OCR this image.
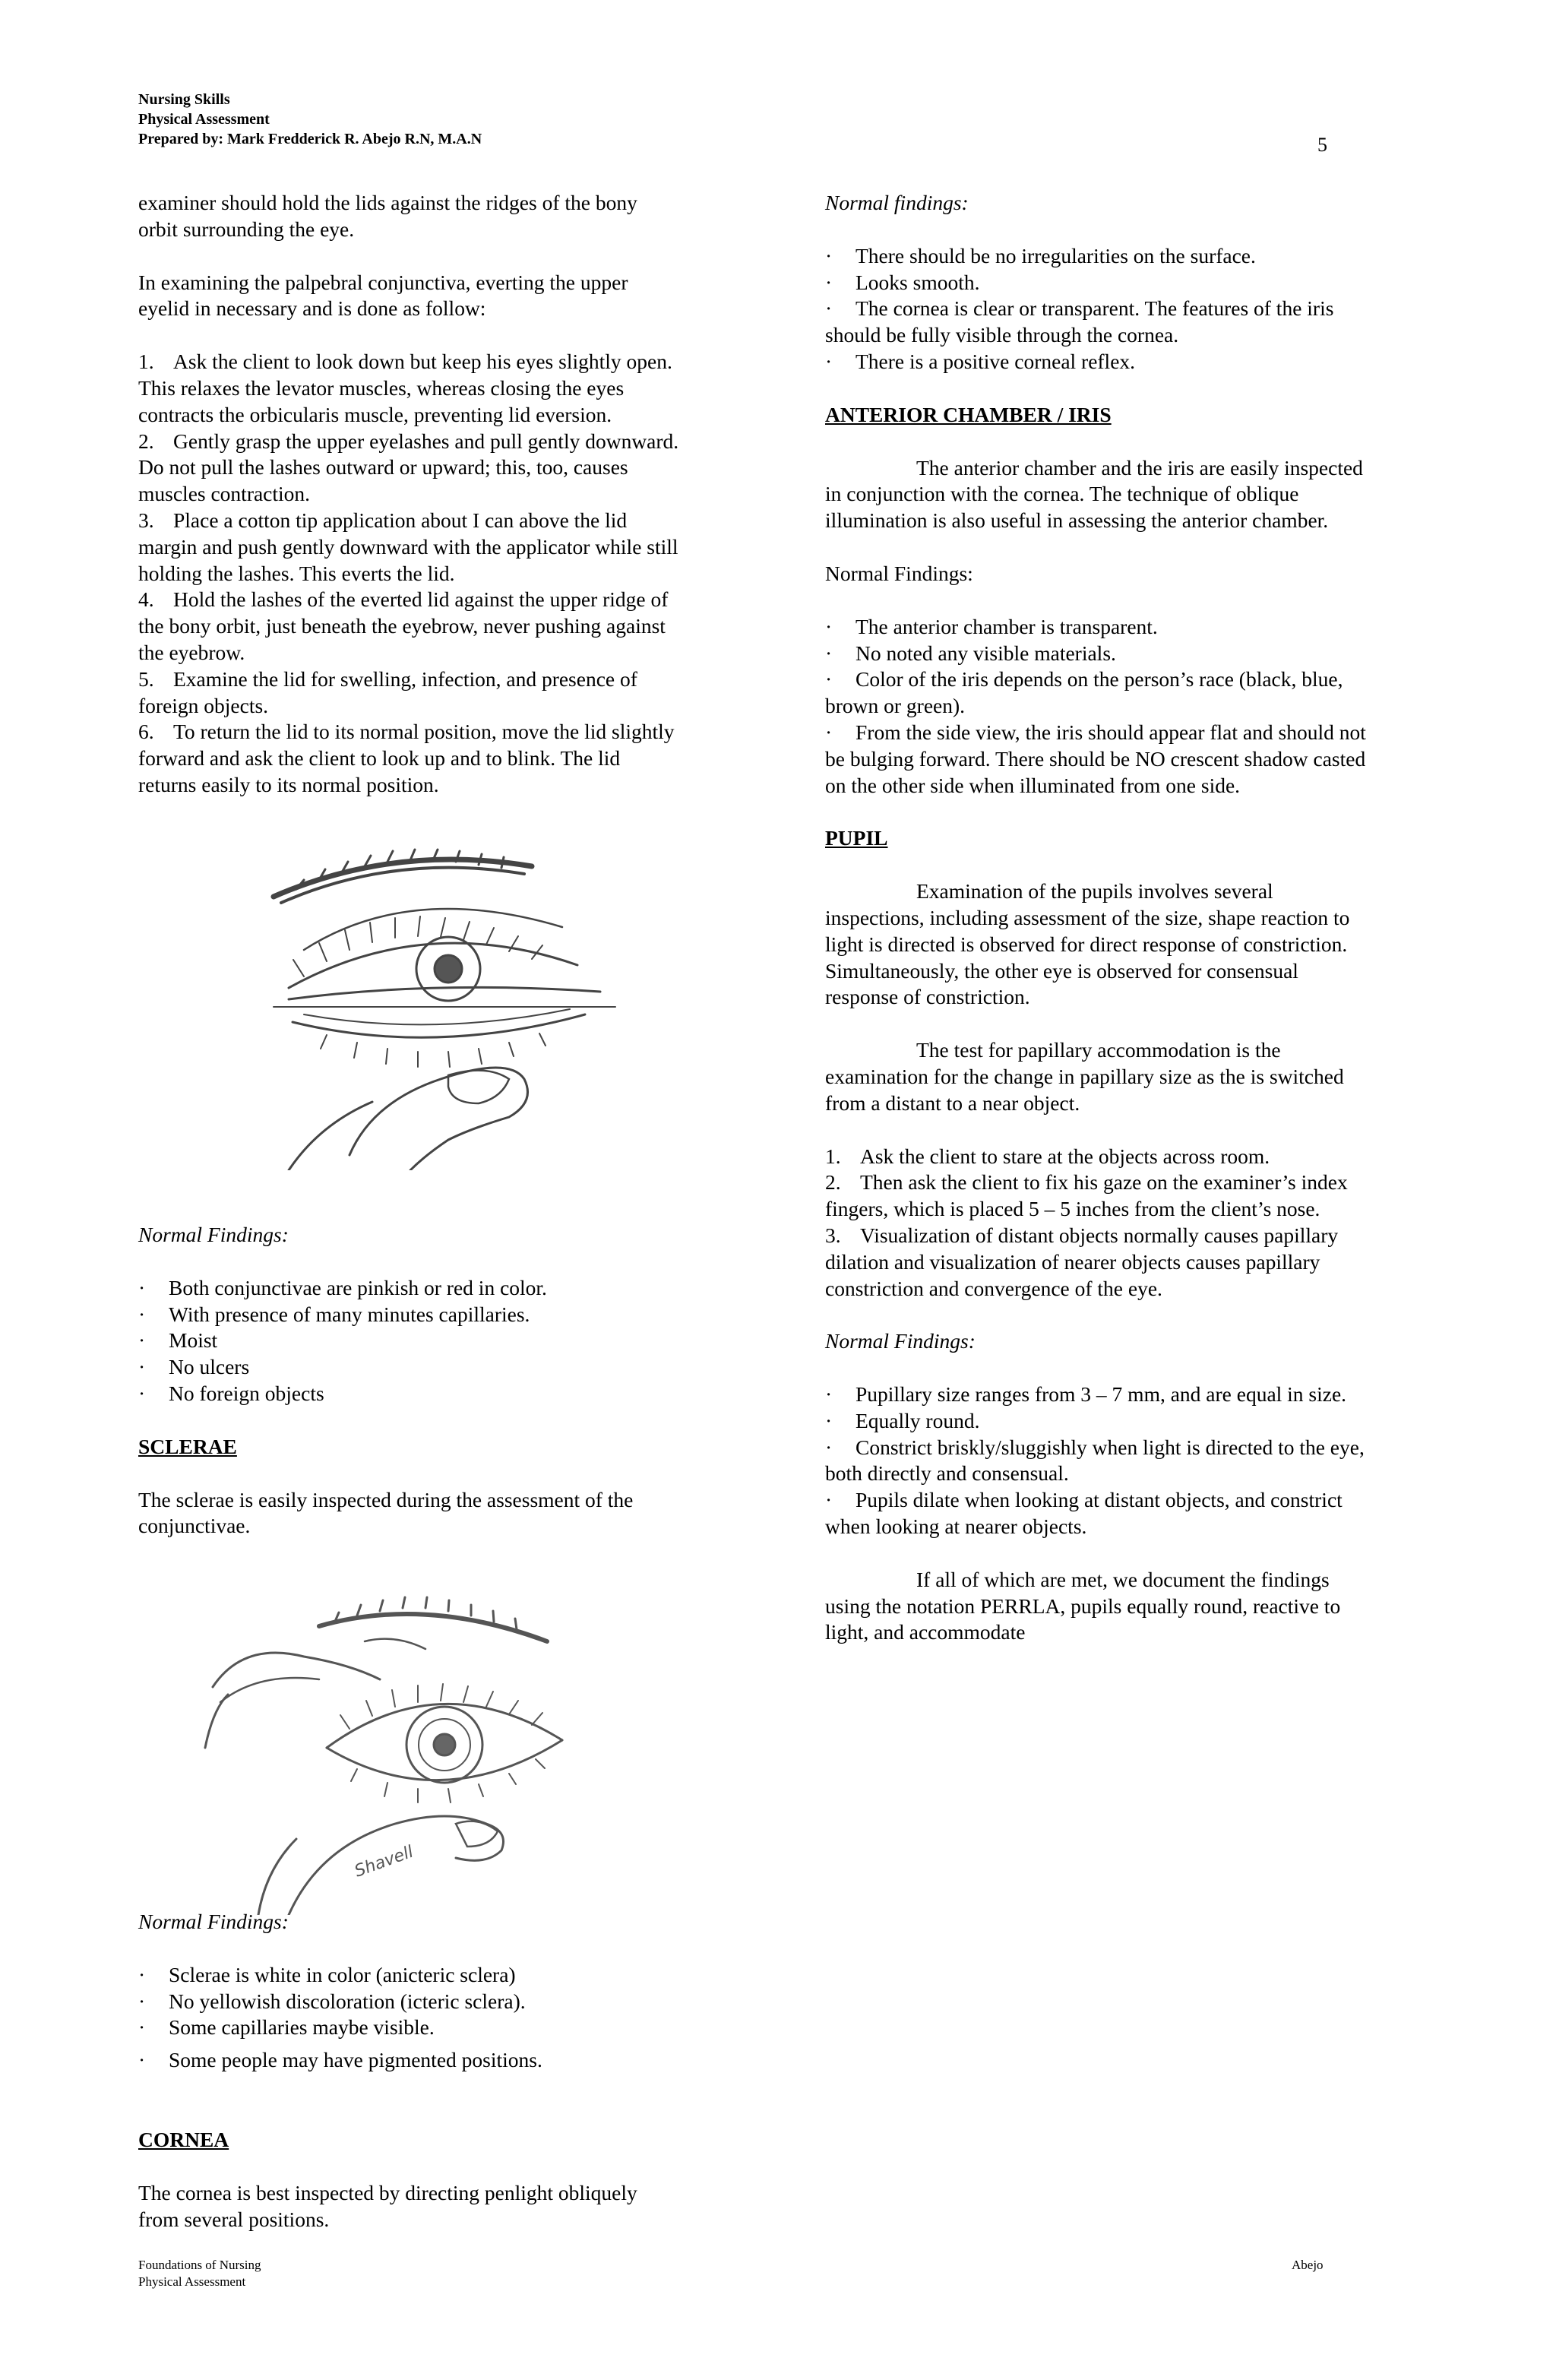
Nursing Skills
Physical Assessment
Prepared by: Mark Fredderick R. Abejo R.N, M.A.N	5

examiner should hold the lids against the ridges of the bony

orbit surrounding the eye.

In examining the palpebral conjunctiva, everting the upper

eyelid in necessary and is done as follow:

1. Ask the client to look down but keep his eyes slightly open.

This relaxes the levator muscles, whereas closing the eyes

contracts the orbicularis muscle, preventing lid eversion.

2. Gently grasp the upper eyelashes and pull gently downward.

Do not pull the lashes outward or upward; this, too, causes

muscles contraction.

3. Place a cotton tip application about I can above the lid

margin and push gently downward with the applicator while still

holding the lashes. This everts the lid.

4. Hold the lashes of the everted lid against the upper ridge of

the bony orbit, just beneath the eyebrow, never pushing against

the eyebrow.

5. Examine the lid for swelling, infection, and presence of

foreign objects.

6. To return the lid to its normal position, move the lid slightly

forward and ask the client to look up and to blink. The lid

returns easily to its normal position.

Normal Findings:

· Both conjunctivae are pinkish or red in color.

· With presence of many minutes capillaries.

· Moist

· No ulcers

· No foreign objects

SCLERAE

The sclerae is easily inspected during the assessment of the

conjunctivae.

Shavell

Normal Findings:

· Sclerae is white in color (anicteric sclera)

· No yellowish discoloration (icteric sclera).

· Some capillaries maybe visible.

· Some people may have pigmented positions.

CORNEA

The cornea is best inspected by directing penlight obliquely

from several positions.

Normal findings:

· There should be no irregularities on the surface.

· Looks smooth.

· The cornea is clear or transparent. The features of the iris

should be fully visible through the cornea.

· There is a positive corneal reflex.

ANTERIOR CHAMBER / IRIS

The anterior chamber and the iris are easily inspected

in conjunction with the cornea. The technique of oblique

illumination is also useful in assessing the anterior chamber.

Normal Findings:

· The anterior chamber is transparent.

· No noted any visible materials.

· Color of the iris depends on the person’s race (black, blue,

brown or green).

· From the side view, the iris should appear flat and should not

be bulging forward. There should be NO crescent shadow casted

on the other side when illuminated from one side.

PUPIL

Examination of the pupils involves several

inspections, including assessment of the size, shape reaction to

light is directed is observed for direct response of constriction.

Simultaneously, the other eye is observed for consensual

response of constriction.

The test for papillary accommodation is the

examination for the change in papillary size as the is switched

from a distant to a near object.

1. Ask the client to stare at the objects across room.

2. Then ask the client to fix his gaze on the examiner’s index

fingers, which is placed 5 – 5 inches from the client’s nose.

3. Visualization of distant objects normally causes papillary

dilation and visualization of nearer objects causes papillary

constriction and convergence of the eye.

Normal Findings:

· Pupillary size ranges from 3 – 7 mm, and are equal in size.

· Equally round.

· Constrict briskly/sluggishly when light is directed to the eye,

both directly and consensual.

· Pupils dilate when looking at distant objects, and constrict

when looking at nearer objects.

If all of which are met, we document the findings

using the notation PERRLA, pupils equally round, reactive to

light, and accommodate

Foundations of Nursing
Physical Assessment
Abejo
